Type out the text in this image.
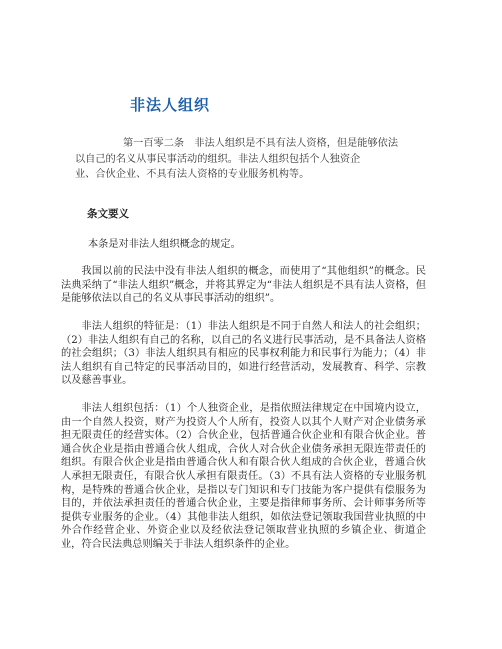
非法人组织

第一百零二条　非法人组织是不具有法人资格，但是能够依法

以自己的名义从事民事活动的组织。非法人组织包括个人独资企

业、合伙企业、不具有法人资格的专业服务机构等。

条文要义
本条是对非法人组织概念的规定。
我国以前的民法中没有非法人组织的概念，而使用了“其他组织”的概念。民法典采纳了“非法人组织”概念，并将其界定为“非法人组织是不具有法人资格，但是能够依法以自己的名义从事民事活动的组织”。
非法人组织的特征是：（1）非法人组织是不同于自然人和法人的社会组织；（2）非法人组织有自己的名称，以自己的名义进行民事活动，是不具备法人资格的社会组织；（3）非法人组织具有相应的民事权利能力和民事行为能力；（4）非法人组织有自己特定的民事活动目的，如进行经营活动，发展教育、科学、宗教以及慈善事业。
非法人组织包括：（1）个人独资企业，是指依照法律规定在中国境内设立，由一个自然人投资，财产为投资人个人所有，投资人以其个人财产对企业债务承担无限责任的经营实体。（2）合伙企业，包括普通合伙企业和有限合伙企业。普通合伙企业是指由普通合伙人组成，合伙人对合伙企业债务承担无限连带责任的组织。有限合伙企业是指由普通合伙人和有限合伙人组成的合伙企业，普通合伙人承担无限责任，有限合伙人承担有限责任。（3）不具有法人资格的专业服务机构，是特殊的普通合伙企业，是指以专门知识和专门技能为客户提供有偿服务为目的，并依法承担责任的普通合伙企业，主要是指律师事务所、会计师事务所等提供专业服务的企业。（4）其他非法人组织，如依法登记领取我国营业执照的中外合作经营企业、外资企业以及经依法登记领取营业执照的乡镇企业、街道企业，符合民法典总则编关于非法人组织条件的企业。
